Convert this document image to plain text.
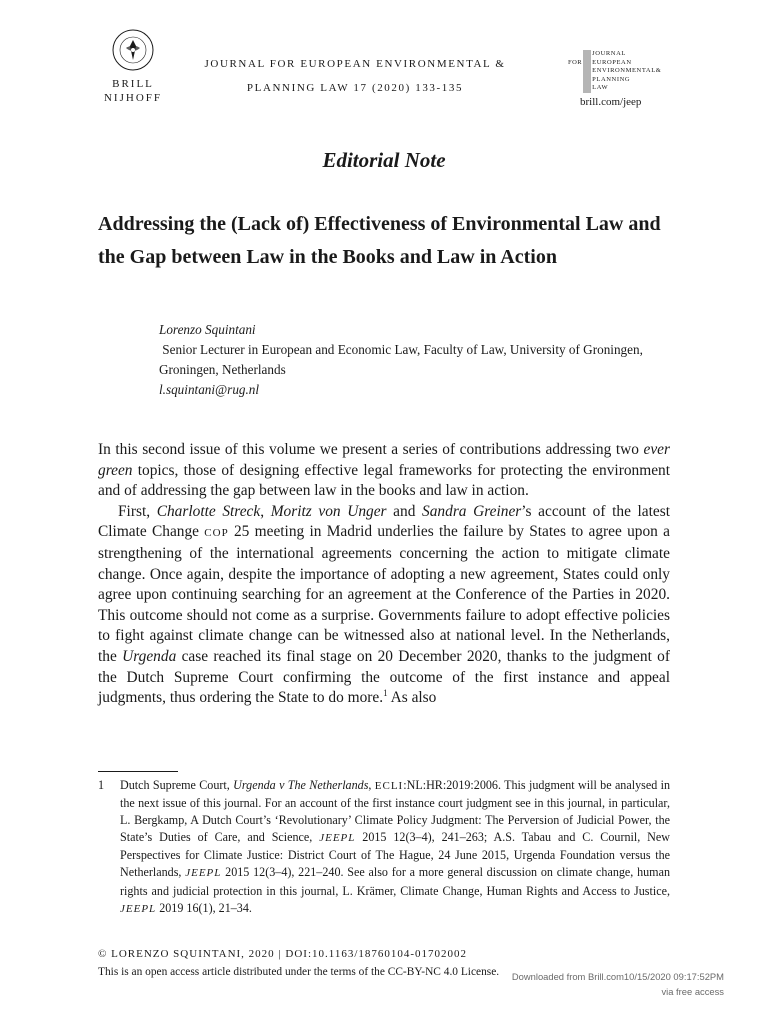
BRILL
NIJHOFF
JOURNAL FOR EUROPEAN ENVIRONMENTAL &
PLANNING LAW 17 (2020) 133-135
FOR
JOURNAL
EUROPEAN
ENVIRONMENTAL&
PLANNING
LAW
brill.com/jeep
Editorial Note
Addressing the (Lack of) Effectiveness of Environmental Law and the Gap between Law in the Books and Law in Action
Lorenzo Squintani
Senior Lecturer in European and Economic Law, Faculty of Law, University of Groningen, Groningen, Netherlands
l.squintani@rug.nl

In this second issue of this volume we present a series of contributions addressing two ever green topics, those of designing effective legal frameworks for protecting the environment and of addressing the gap between law in the books and law in action.

First, Charlotte Streck, Moritz von Unger and Sandra Greiner’s account of the latest Climate Change COP 25 meeting in Madrid underlies the failure by States to agree upon a strengthening of the international agreements concerning the action to mitigate climate change. Once again, despite the importance of adopting a new agreement, States could only agree upon continuing searching for an agreement at the Conference of the Parties in 2020. This outcome should not come as a surprise. Governments failure to adopt effective policies to fight against climate change can be witnessed also at national level. In the Netherlands, the Urgenda case reached its final stage on 20 December 2020, thanks to the judgment of the Dutch Supreme Court confirming the outcome of the first instance and appeal judgments, thus ordering the State to do more.$^1$ As also

1	Dutch Supreme Court, Urgenda v The Netherlands, ECLI:NL:HR:2019:2006. This judgment will be analysed in the next issue of this journal. For an account of the first instance court judgment see in this journal, in particular, L. Bergkamp, A Dutch Court’s ‘Revolutionary’ Climate Policy Judgment: The Perversion of Judicial Power, the State’s Duties of Care, and Science, JEEPL 2015 12(3–4), 241–263; A.S. Tabau and C. Cournil, New Perspectives for Climate Justice: District Court of The Hague, 24 June 2015, Urgenda Foundation versus the Netherlands, JEEPL 2015 12(3–4), 221–240. See also for a more general discussion on climate change, human rights and judicial protection in this journal, L. Krämer, Climate Change, Human Rights and Access to Justice, JEEPL 2019 16(1), 21–34.
© LORENZO SQUINTANI, 2020 | DOI:10.1163/18760104-01702002
This is an open access article distributed under the terms of the CC-BY-NC 4.0 License.	Downloaded from Brill.com10/15/2020 09:17:52PM
via free access
